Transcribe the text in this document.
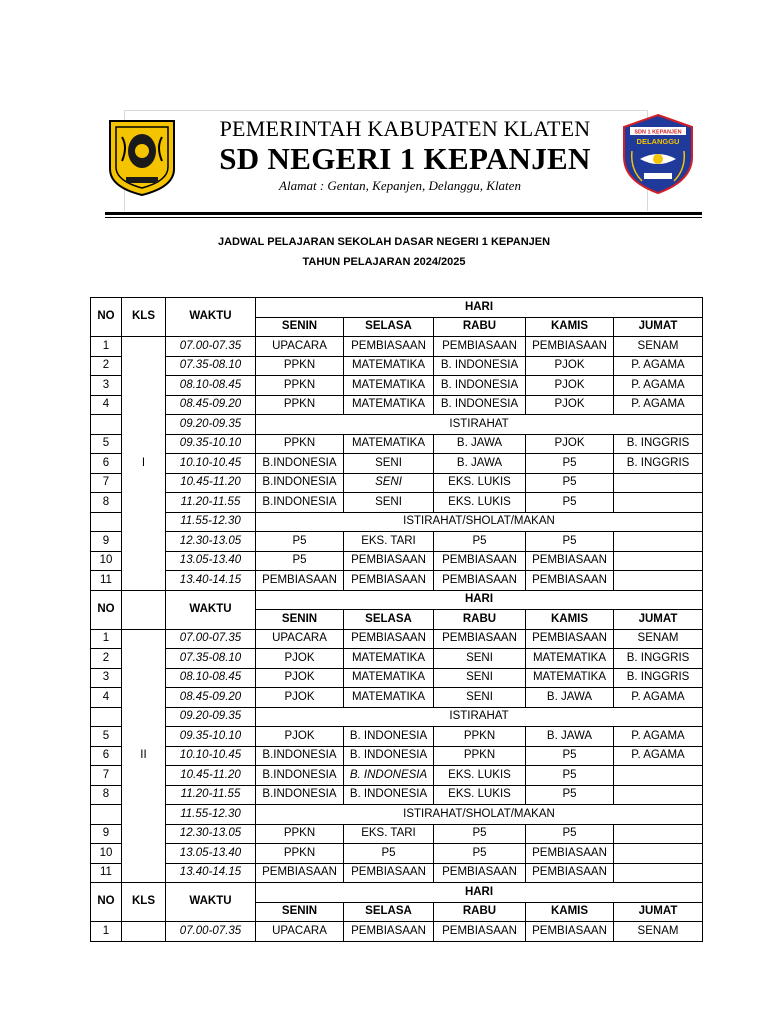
SDN 1 KEPANJEN
DELANGGU
PEMERINTAH KABUPATEN KLATEN
SD NEGERI 1 KEPANJEN
Alamat : Gentan, Kepanjen, Delanggu, Klaten
JADWAL PELAJARAN SEKOLAH DASAR NEGERI 1 KEPANJEN
TAHUN PELAJARAN 2024/2025
NO	KLS	WAKTU	HARI				
			SENIN	SELASA	RABU	KAMIS	JUMAT
1	I	07.00-07.35	UPACARA	PEMBIASAAN	PEMBIASAAN	PEMBIASAAN	SENAM
2		07.35-08.10	PPKN	MATEMATIKA	B. INDONESIA	PJOK	P. AGAMA
3		08.10-08.45	PPKN	MATEMATIKA	B. INDONESIA	PJOK	P. AGAMA
4		08.45-09.20	PPKN	MATEMATIKA	B. INDONESIA	PJOK	P. AGAMA
		09.20-09.35	ISTIRAHAT				
5		09.35-10.10	PPKN	MATEMATIKA	B. JAWA	PJOK	B. INGGRIS
6		10.10-10.45	B.INDONESIA	SENI	B. JAWA	P5	B. INGGRIS
7		10.45-11.20	B.INDONESIA	SENI	EKS. LUKIS	P5	
8		11.20-11.55	B.INDONESIA	SENI	EKS. LUKIS	P5	
		11.55-12.30	ISTIRAHAT/SHOLAT/MAKAN				
9		12.30-13.05	P5	EKS. TARI	P5	P5	
10		13.05-13.40	P5	PEMBIASAAN	PEMBIASAAN	PEMBIASAAN	
11		13.40-14.15	PEMBIASAAN	PEMBIASAAN	PEMBIASAAN	PEMBIASAAN	
NO		WAKTU	HARI				
			SENIN	SELASA	RABU	KAMIS	JUMAT
1	II	07.00-07.35	UPACARA	PEMBIASAAN	PEMBIASAAN	PEMBIASAAN	SENAM
2		07.35-08.10	PJOK	MATEMATIKA	SENI	MATEMATIKA	B. INGGRIS
3		08.10-08.45	PJOK	MATEMATIKA	SENI	MATEMATIKA	B. INGGRIS
4		08.45-09.20	PJOK	MATEMATIKA	SENI	B. JAWA	P. AGAMA
		09.20-09.35	ISTIRAHAT				
5		09.35-10.10	PJOK	B. INDONESIA	PPKN	B. JAWA	P. AGAMA
6		10.10-10.45	B.INDONESIA	B. INDONESIA	PPKN	P5	P. AGAMA
7		10.45-11.20	B.INDONESIA	B. INDONESIA	EKS. LUKIS	P5	
8		11.20-11.55	B.INDONESIA	B. INDONESIA	EKS. LUKIS	P5	
		11.55-12.30	ISTIRAHAT/SHOLAT/MAKAN				
9		12.30-13.05	PPKN	EKS. TARI	P5	P5	
10		13.05-13.40	PPKN	P5	P5	PEMBIASAAN	
11		13.40-14.15	PEMBIASAAN	PEMBIASAAN	PEMBIASAAN	PEMBIASAAN	
NO	KLS	WAKTU	HARI				
			SENIN	SELASA	RABU	KAMIS	JUMAT
1		07.00-07.35	UPACARA	PEMBIASAAN	PEMBIASAAN	PEMBIASAAN	SENAM
